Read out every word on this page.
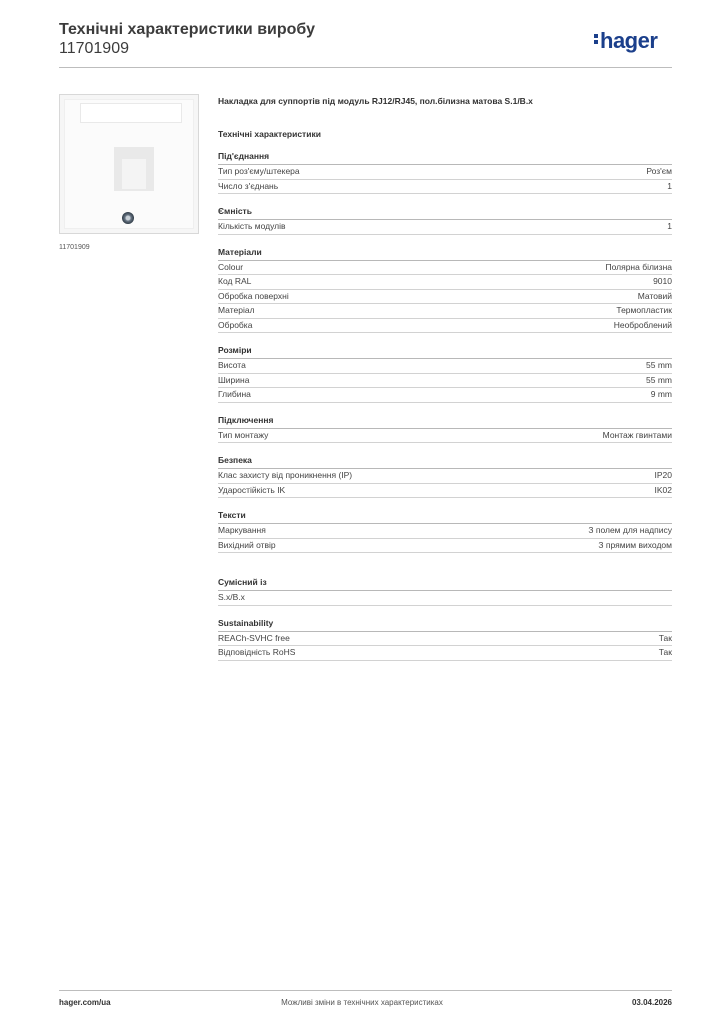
Технічні характеристики виробу
11701909	hager
11701909
Накладка для суппортів під модуль RJ12/RJ45, пол.білизна матова S.1/B.x
Технічні характеристики
Під'єднання
Тип роз'єму/штекера	Роз'єм
Число з'єднань	1
Ємність
Кількість модулів	1
Матеріали
Colour	Полярна білизна
Код RAL	9010
Обробка поверхні	Матовий
Матеріал	Термопластик
Обробка	Необроблений
Розміри
Висота	55 mm
Ширина	55 mm
Глибина	9 mm
Підключення
Тип монтажу	Монтаж гвинтами
Безпека
Клас захисту від проникнення (IP)	IP20
Ударостійкість IK	IK02
Тексти
Маркування	З полем для надпису
Вихідний отвір	З прямим виходом
Сумісний із
S.x/B.x
Sustainability
REACh-SVHC free	Так
Відповідність RoHS	Так
hager.com/ua	Можливі зміни в технічних характеристиках	03.04.2026
